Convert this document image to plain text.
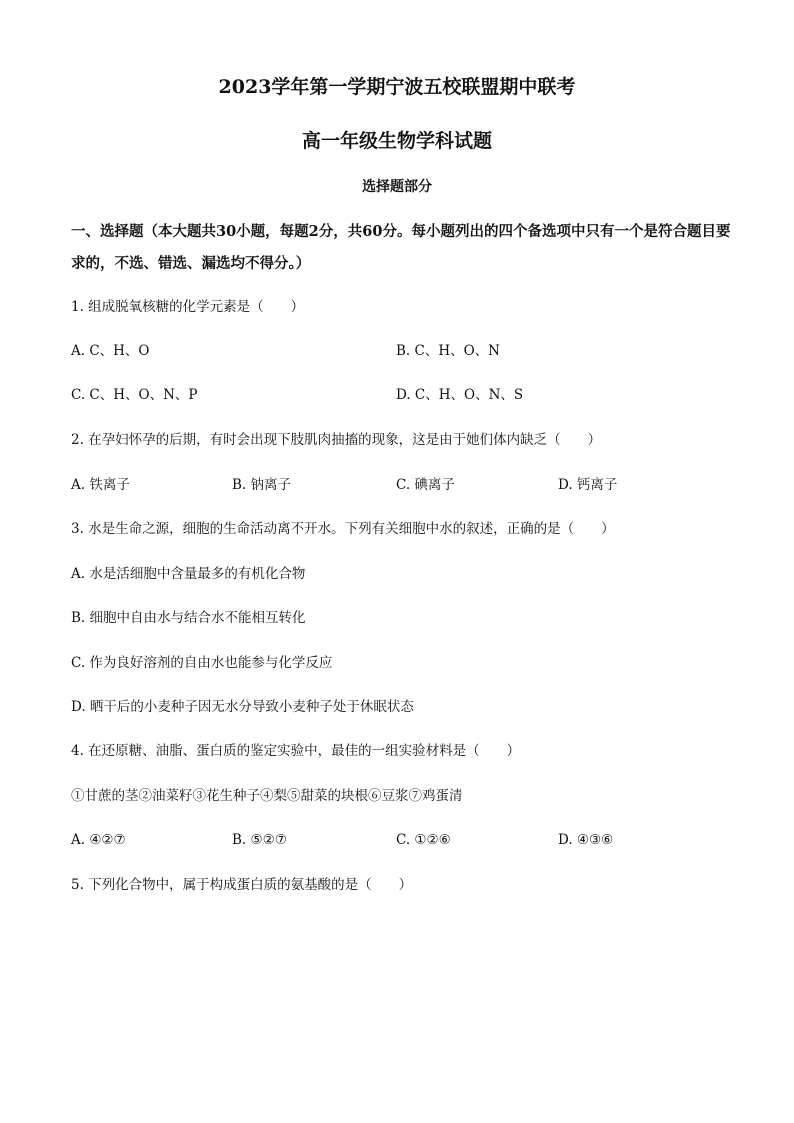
2023学年第一学期宁波五校联盟期中联考
高一年级生物学科试题
选择题部分
一、选择题（本大题共30小题，每题2分，共60分。每小题列出的四个备选项中只有一个是符合题目要求的，不选、错选、漏选均不得分。）
1. 组成脱氧核糖的化学元素是（　　）
A. C、H、O	B. C、H、O、N
C. C、H、O、N、P	D. C、H、O、N、S
2. 在孕妇怀孕的后期，有时会出现下肢肌肉抽搐的现象，这是由于她们体内缺乏（　　）
A. 铁离子	B. 钠离子	C. 碘离子	D. 钙离子
3. 水是生命之源，细胞的生命活动离不开水。下列有关细胞中水的叙述，正确的是（　　）
A. 水是活细胞中含量最多的有机化合物
B. 细胞中自由水与结合水不能相互转化
C. 作为良好溶剂的自由水也能参与化学反应
D. 晒干后的小麦种子因无水分导致小麦种子处于休眠状态
4. 在还原糖、油脂、蛋白质的鉴定实验中，最佳的一组实验材料是（　　）
①甘蔗的茎②油菜籽③花生种子④梨⑤甜菜的块根⑥豆浆⑦鸡蛋清
A. ④②⑦	B. ⑤②⑦	C. ①②⑥	D. ④③⑥
5. 下列化合物中，属于构成蛋白质的氨基酸的是（　　）
